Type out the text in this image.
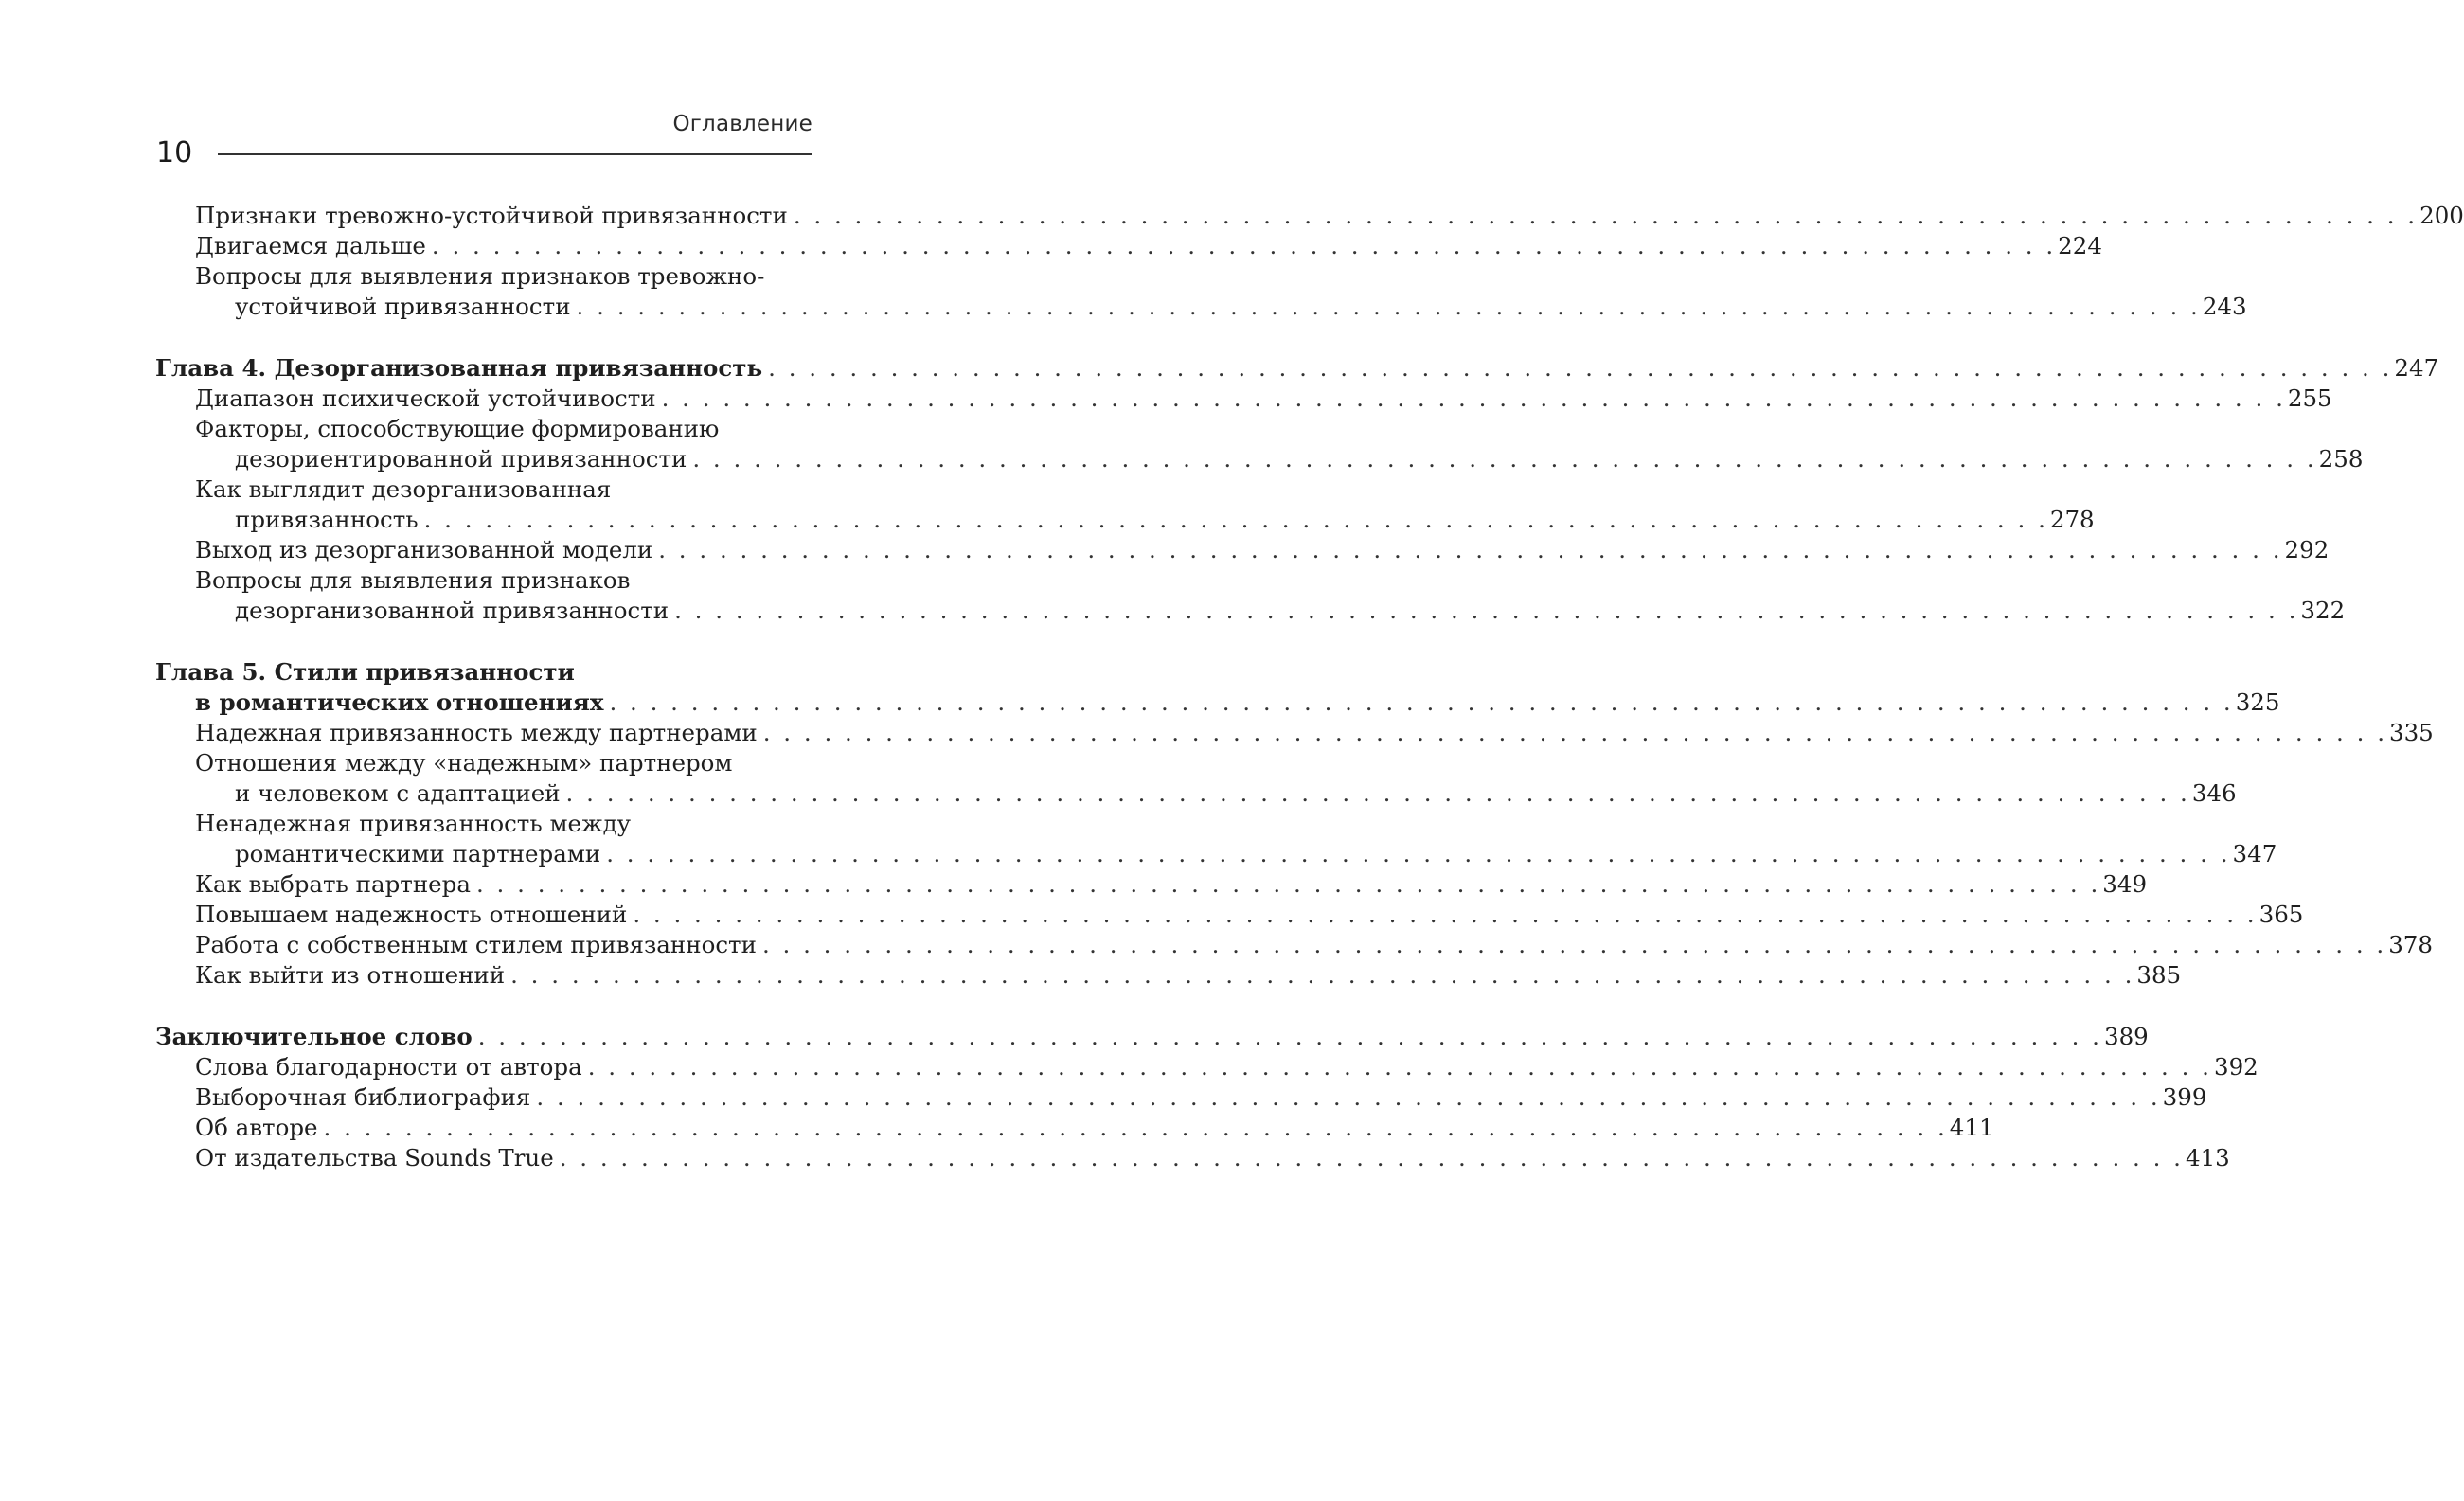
Оглавление
10
Признаки тревожно-устойчивой привязанности . . . . . . . . . . . . . . . . . . . . . . . . . . . . . . . . . . . . . . . . . . . . . . . . . . . . . . . . . . . . . . . . . . . . . . . . . . . . . . . . 200
Двигаемся дальше . . . . . . . . . . . . . . . . . . . . . . . . . . . . . . . . . . . . . . . . . . . . . . . . . . . . . . . . . . . . . . . . . . . . . . . . . . . . . . . . 224
Вопросы для выявления признаков тревожно-
устойчивой привязанности . . . . . . . . . . . . . . . . . . . . . . . . . . . . . . . . . . . . . . . . . . . . . . . . . . . . . . . . . . . . . . . . . . . . . . . . . . . . . . . . 243
Глава 4. Дезорганизованная привязанность . . . . . . . . . . . . . . . . . . . . . . . . . . . . . . . . . . . . . . . . . . . . . . . . . . . . . . . . . . . . . . . . . . . . . . . . . . . . . . . . 247
Диапазон психической устойчивости . . . . . . . . . . . . . . . . . . . . . . . . . . . . . . . . . . . . . . . . . . . . . . . . . . . . . . . . . . . . . . . . . . . . . . . . . . . . . . . . 255
Факторы, способствующие формированию
дезориентированной привязанности . . . . . . . . . . . . . . . . . . . . . . . . . . . . . . . . . . . . . . . . . . . . . . . . . . . . . . . . . . . . . . . . . . . . . . . . . . . . . . . . 258
Как выглядит дезорганизованная
привязанность . . . . . . . . . . . . . . . . . . . . . . . . . . . . . . . . . . . . . . . . . . . . . . . . . . . . . . . . . . . . . . . . . . . . . . . . . . . . . . . . 278
Выход из дезорганизованной модели . . . . . . . . . . . . . . . . . . . . . . . . . . . . . . . . . . . . . . . . . . . . . . . . . . . . . . . . . . . . . . . . . . . . . . . . . . . . . . . . 292
Вопросы для выявления признаков
дезорганизованной привязанности . . . . . . . . . . . . . . . . . . . . . . . . . . . . . . . . . . . . . . . . . . . . . . . . . . . . . . . . . . . . . . . . . . . . . . . . . . . . . . . . 322
Глава 5. Стили привязанности
в романтических отношениях . . . . . . . . . . . . . . . . . . . . . . . . . . . . . . . . . . . . . . . . . . . . . . . . . . . . . . . . . . . . . . . . . . . . . . . . . . . . . . . . 325
Надежная привязанность между партнерами . . . . . . . . . . . . . . . . . . . . . . . . . . . . . . . . . . . . . . . . . . . . . . . . . . . . . . . . . . . . . . . . . . . . . . . . . . . . . . . . 335
Отношения между «надежным» партнером
и человеком с адаптацией . . . . . . . . . . . . . . . . . . . . . . . . . . . . . . . . . . . . . . . . . . . . . . . . . . . . . . . . . . . . . . . . . . . . . . . . . . . . . . . . 346
Ненадежная привязанность между
романтическими партнерами . . . . . . . . . . . . . . . . . . . . . . . . . . . . . . . . . . . . . . . . . . . . . . . . . . . . . . . . . . . . . . . . . . . . . . . . . . . . . . . . 347
Как выбрать партнера . . . . . . . . . . . . . . . . . . . . . . . . . . . . . . . . . . . . . . . . . . . . . . . . . . . . . . . . . . . . . . . . . . . . . . . . . . . . . . . . 349
Повышаем надежность отношений . . . . . . . . . . . . . . . . . . . . . . . . . . . . . . . . . . . . . . . . . . . . . . . . . . . . . . . . . . . . . . . . . . . . . . . . . . . . . . . . 365
Работа с собственным стилем привязанности . . . . . . . . . . . . . . . . . . . . . . . . . . . . . . . . . . . . . . . . . . . . . . . . . . . . . . . . . . . . . . . . . . . . . . . . . . . . . . . . 378
Как выйти из отношений . . . . . . . . . . . . . . . . . . . . . . . . . . . . . . . . . . . . . . . . . . . . . . . . . . . . . . . . . . . . . . . . . . . . . . . . . . . . . . . . 385
Заключительное слово . . . . . . . . . . . . . . . . . . . . . . . . . . . . . . . . . . . . . . . . . . . . . . . . . . . . . . . . . . . . . . . . . . . . . . . . . . . . . . . . 389
Слова благодарности от автора . . . . . . . . . . . . . . . . . . . . . . . . . . . . . . . . . . . . . . . . . . . . . . . . . . . . . . . . . . . . . . . . . . . . . . . . . . . . . . . . 392
Выборочная библиография . . . . . . . . . . . . . . . . . . . . . . . . . . . . . . . . . . . . . . . . . . . . . . . . . . . . . . . . . . . . . . . . . . . . . . . . . . . . . . . . 399
Об авторе . . . . . . . . . . . . . . . . . . . . . . . . . . . . . . . . . . . . . . . . . . . . . . . . . . . . . . . . . . . . . . . . . . . . . . . . . . . . . . . . 411
От издательства Sounds True . . . . . . . . . . . . . . . . . . . . . . . . . . . . . . . . . . . . . . . . . . . . . . . . . . . . . . . . . . . . . . . . . . . . . . . . . . . . . . . . 413
